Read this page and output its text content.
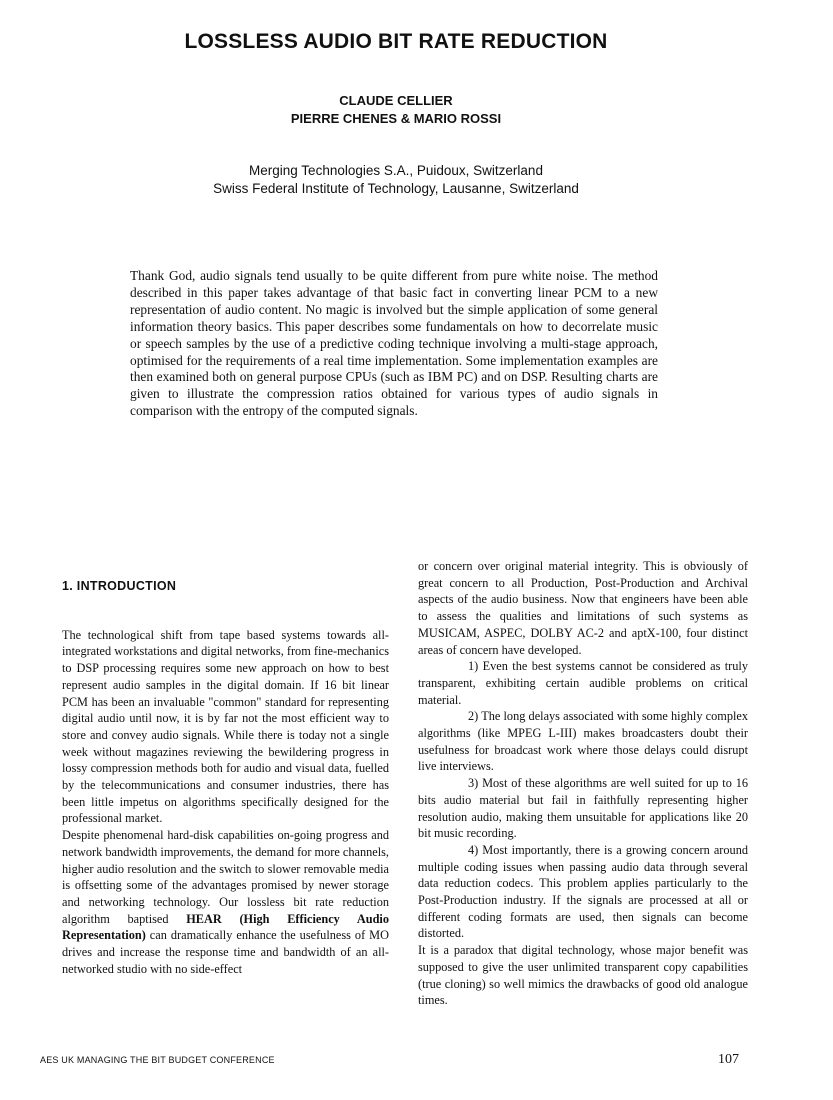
LOSSLESS AUDIO BIT RATE REDUCTION
CLAUDE CELLIER
PIERRE CHENES & MARIO ROSSI
Merging Technologies S.A., Puidoux, Switzerland
Swiss Federal Institute of Technology, Lausanne, Switzerland

Thank God, audio signals tend usually to be quite different from pure white noise. The method described in this paper takes advantage of that basic fact in converting linear PCM to a new representation of audio content. No magic is involved but the simple application of some general information theory basics. This paper describes some fundamentals on how to decorrelate music or speech samples by the use of a predictive coding technique involving a multi-stage approach, optimised for the requirements of a real time implementation. Some implementation examples are then examined both on general purpose CPUs (such as IBM PC) and on DSP. Resulting charts are given to illustrate the compression ratios obtained for various types of audio signals in comparison with the entropy of the computed signals.

1. INTRODUCTION

The technological shift from tape based systems towards all-integrated workstations and digital networks, from fine-mechanics to DSP processing requires some new approach on how to best represent audio samples in the digital domain. If 16 bit linear PCM has been an invaluable "common" standard for representing digital audio until now, it is by far not the most efficient way to store and convey audio signals. While there is today not a single week without magazines reviewing the bewildering progress in lossy compression methods both for audio and visual data, fuelled by the telecommunications and consumer industries, there has been little impetus on algorithms specifically designed for the professional market.

Despite phenomenal hard-disk capabilities on-going progress and network bandwidth improvements, the demand for more channels, higher audio resolution and the switch to slower removable media is offsetting some of the advantages promised by newer storage and networking technology. Our lossless bit rate reduction algorithm baptised HEAR (High Efficiency Audio Representation) can dramatically enhance the usefulness of MO drives and increase the response time and bandwidth of an all-networked studio with no side-effect

or concern over original material integrity. This is obviously of great concern to all Production, Post-Production and Archival aspects of the audio business. Now that engineers have been able to assess the qualities and limitations of such systems as MUSICAM, ASPEC, DOLBY AC-2 and aptX-100, four distinct areas of concern have developed.

1) Even the best systems cannot be considered as truly transparent, exhibiting certain audible problems on critical material.

2) The long delays associated with some highly complex algorithms (like MPEG L-III) makes broadcasters doubt their usefulness for broadcast work where those delays could disrupt live interviews.

3) Most of these algorithms are well suited for up to 16 bits audio material but fail in faithfully representing higher resolution audio, making them unsuitable for applications like 20 bit music recording.

4) Most importantly, there is a growing concern around multiple coding issues when passing audio data through several data reduction codecs. This problem applies particularly to the Post-Production industry. If the signals are processed at all or different coding formats are used, then signals can become distorted.

It is a paradox that digital technology, whose major benefit was supposed to give the user unlimited transparent copy capabilities (true cloning) so well mimics the drawbacks of good old analogue times.

AES UK MANAGING THE BIT BUDGET CONFERENCE	107
